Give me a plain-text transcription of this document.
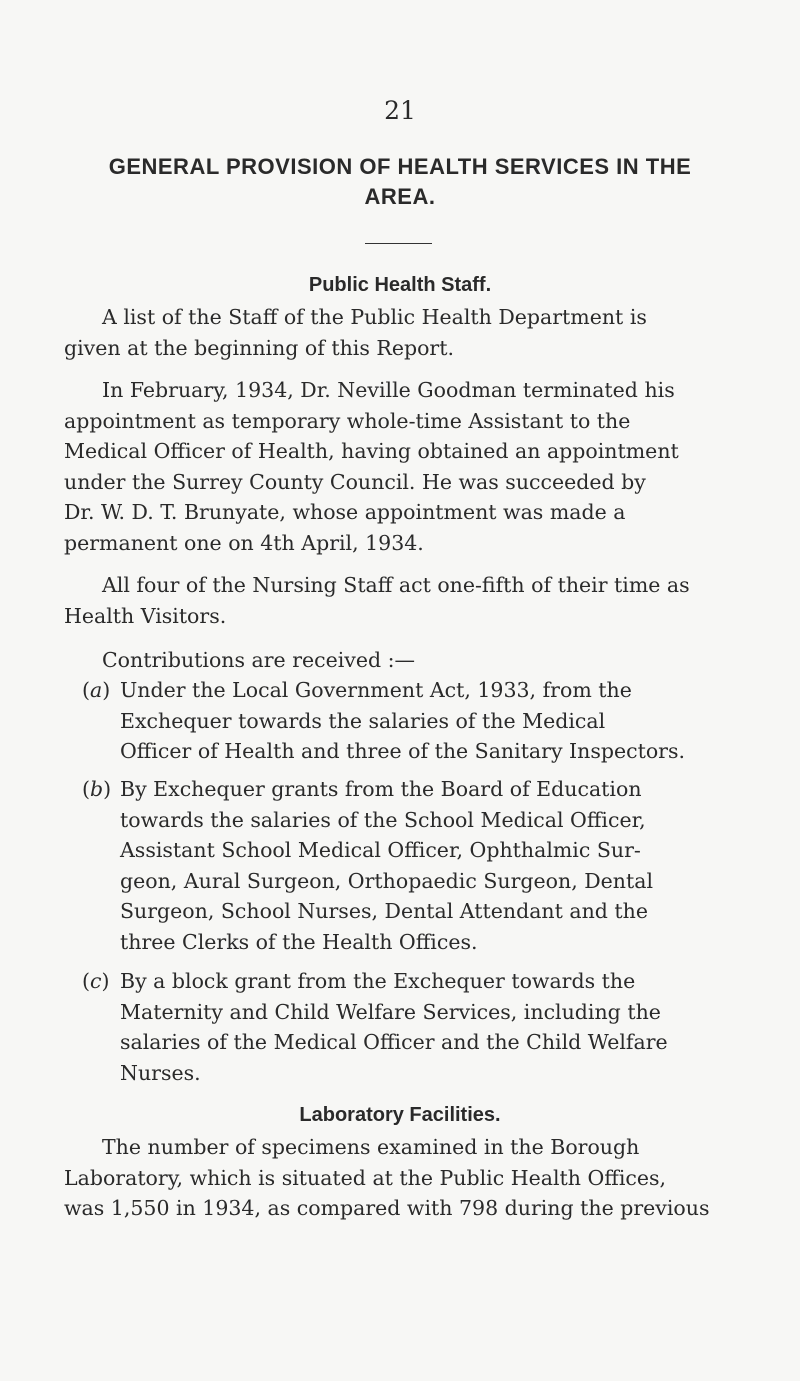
21
GENERAL PROVISION OF HEALTH SERVICES IN THE
AREA.
Public Health Staff.

A list of the Staff of the Public Health Department is
given at the beginning of this Report.

In February, 1934, Dr. Neville Goodman terminated his
appointment as temporary whole-time Assistant to the
Medical Officer of Health, having obtained an appointment
under the Surrey County Council. He was succeeded by
Dr. W. D. T. Brunyate, whose appointment was made a
permanent one on 4th April, 1934.

All four of the Nursing Staff act one-fifth of their time as
Health Visitors.

Contributions are received :—

(a) Under the Local Government Act, 1933, from the
Exchequer towards the salaries of the Medical
Officer of Health and three of the Sanitary Inspectors.
(b) By Exchequer grants from the Board of Education
towards the salaries of the School Medical Officer,
Assistant School Medical Officer, Ophthalmic Sur-
geon, Aural Surgeon, Orthopaedic Surgeon, Dental
Surgeon, School Nurses, Dental Attendant and the
three Clerks of the Health Offices.
(c) By a block grant from the Exchequer towards the
Maternity and Child Welfare Services, including the
salaries of the Medical Officer and the Child Welfare
Nurses.
Laboratory Facilities.

The number of specimens examined in the Borough
Laboratory, which is situated at the Public Health Offices,
was 1,550 in 1934, as compared with 798 during the previous
